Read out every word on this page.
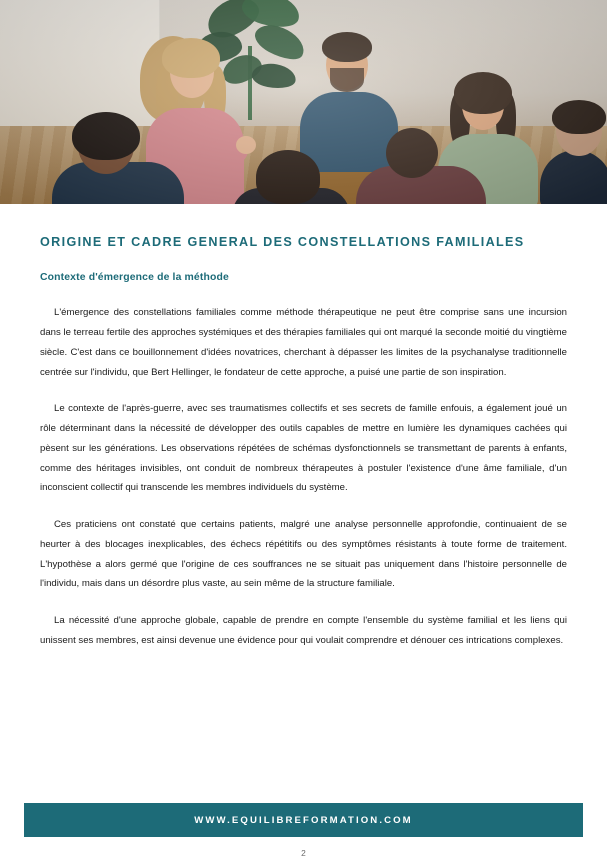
ORIGINE ET CADRE GENERAL DES CONSTELLATIONS FAMILIALES
Contexte d'émergence de la méthode

L'émergence des constellations familiales comme méthode thérapeutique ne peut être comprise sans une incursion dans le terreau fertile des approches systémiques et des thérapies familiales qui ont marqué la seconde moitié du vingtième siècle. C'est dans ce bouillonnement d'idées novatrices, cherchant à dépasser les limites de la psychanalyse traditionnelle centrée sur l'individu, que Bert Hellinger, le fondateur de cette approche, a puisé une partie de son inspiration.

Le contexte de l'après-guerre, avec ses traumatismes collectifs et ses secrets de famille enfouis, a également joué un rôle déterminant dans la nécessité de développer des outils capables de mettre en lumière les dynamiques cachées qui pèsent sur les générations. Les observations répétées de schémas dysfonctionnels se transmettant de parents à enfants, comme des héritages invisibles, ont conduit de nombreux thérapeutes à postuler l'existence d'une âme familiale, d'un inconscient collectif qui transcende les membres individuels du système.

Ces praticiens ont constaté que certains patients, malgré une analyse personnelle approfondie, continuaient de se heurter à des blocages inexplicables, des échecs répétitifs ou des symptômes résistants à toute forme de traitement. L'hypothèse a alors germé que l'origine de ces souffrances ne se situait pas uniquement dans l'histoire personnelle de l'individu, mais dans un désordre plus vaste, au sein même de la structure familiale.

La nécessité d'une approche globale, capable de prendre en compte l'ensemble du système familial et les liens qui unissent ses membres, est ainsi devenue une évidence pour qui voulait comprendre et dénouer ces intrications complexes.

WWW.EQUILIBREFORMATION.COM
2
